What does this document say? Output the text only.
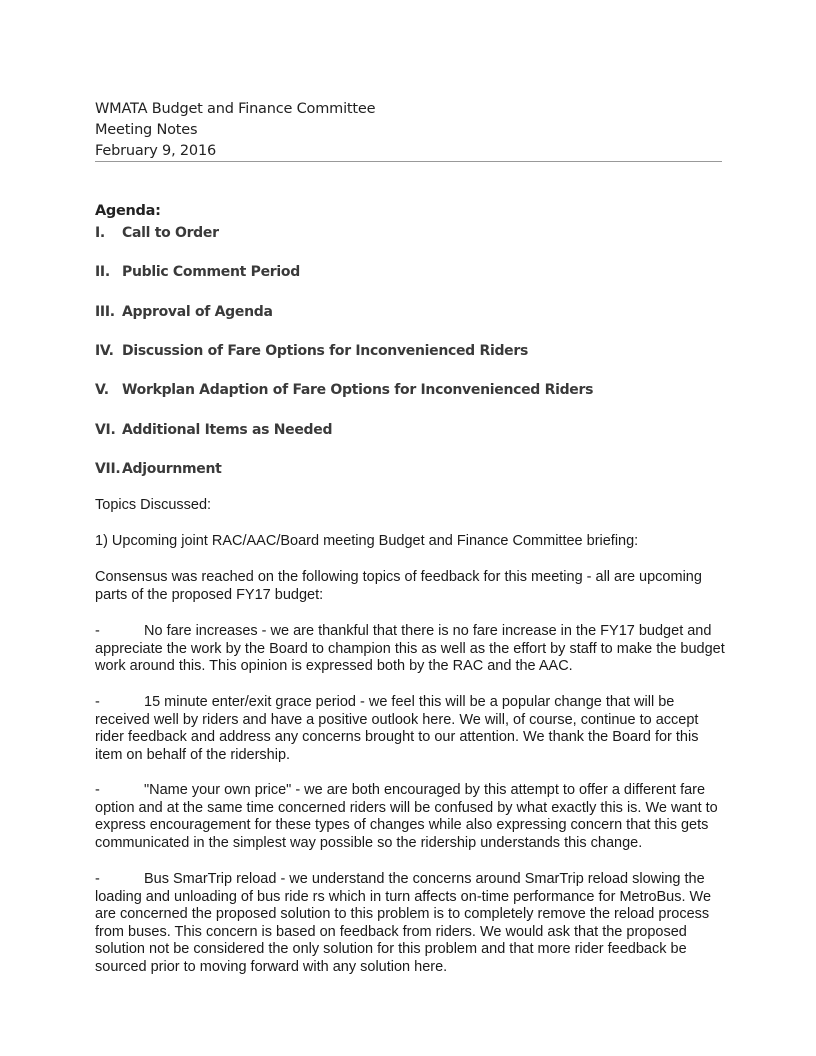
WMATA Budget and Finance Committee
Meeting Notes
February 9, 2016
Agenda:
I. Call to Order
II. Public Comment Period
III. Approval of Agenda
IV. Discussion of Fare Options for Inconvenienced Riders
V. Workplan Adaption of Fare Options for Inconvenienced Riders
VI. Additional Items as Needed
VII. Adjournment
Topics Discussed:
1) Upcoming joint RAC/AAC/Board meeting Budget and Finance Committee briefing:
Consensus was reached on the following topics of feedback for this meeting - all are upcoming parts of the proposed FY17 budget:
-	No fare increases - we are thankful that there is no fare increase in the FY17 budget and appreciate the work by the Board to champion this as well as the effort by staff to make the budget work around this. This opinion is expressed both by the RAC and the AAC.
-	15 minute enter/exit grace period - we feel this will be a popular change that will be received well by riders and have a positive outlook here. We will, of course, continue to accept rider feedback and address any concerns brought to our attention. We thank the Board for this item on behalf of the ridership.
-	"Name your own price" - we are both encouraged by this attempt to offer a different fare option and at the same time concerned riders will be confused by what exactly this is. We want to express encouragement for these types of changes while also expressing concern that this gets communicated in the simplest way possible so the ridership understands this change.
-	Bus SmarTrip reload - we understand the concerns around SmarTrip reload slowing the loading and unloading of bus ride rs which in turn affects on-time performance for MetroBus. We are concerned the proposed solution to this problem is to completely remove the reload process from buses. This concern is based on feedback from riders. We would ask that the proposed solution not be considered the only solution for this problem and that more rider feedback be sourced prior to moving forward with any solution here.
